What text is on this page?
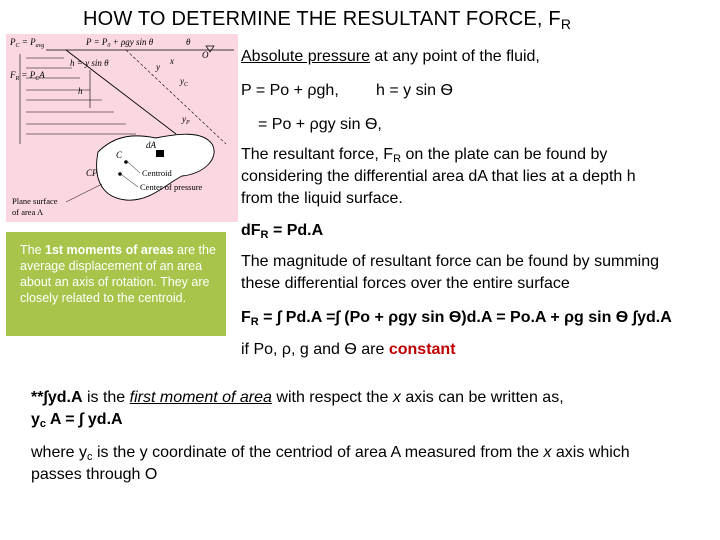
HOW TO DETERMINE THE RESULTANT FORCE, $F_R$
$P_C = P_{avg}$	$P = P_0 + \rho gy$ sin θ	θ
$F_R = P_CA$
h = y sin θ
h
y
$y_C$
$y_P$
x
O
dA
C
CP	Centroid
Center of pressure
Plane surface
of area A
The 1st moments of areas are the average displacement of an area about an axis of rotation. They are closely related to the centroid.
Absolute pressure at any point of the fluid,
P = Po + ρgh, h = y sin Ѳ
= Po + ρgy sin Ѳ,
The resultant force, $F_R$ on the plate can be found by
considering the differential area dA that lies at a depth h
from the liquid surface.
$dF_R = Pd.A$
The magnitude of resultant force can be found by summing
these differential forces over the entire surface
$F_R$ = ∫ Pd.A =∫ (Po + ρgy sin Ѳ)d.A = Po.A + ρg sin Ѳ ∫yd.A
if Po, ρ, g and Ѳ are constant
**∫yd.A is the first moment of area with respect the x axis can be written as,
$y_c$ A = ∫ yd.A
where $y_c$ is the y coordinate of the centriod of area A measured from the x axis which
passes through O
